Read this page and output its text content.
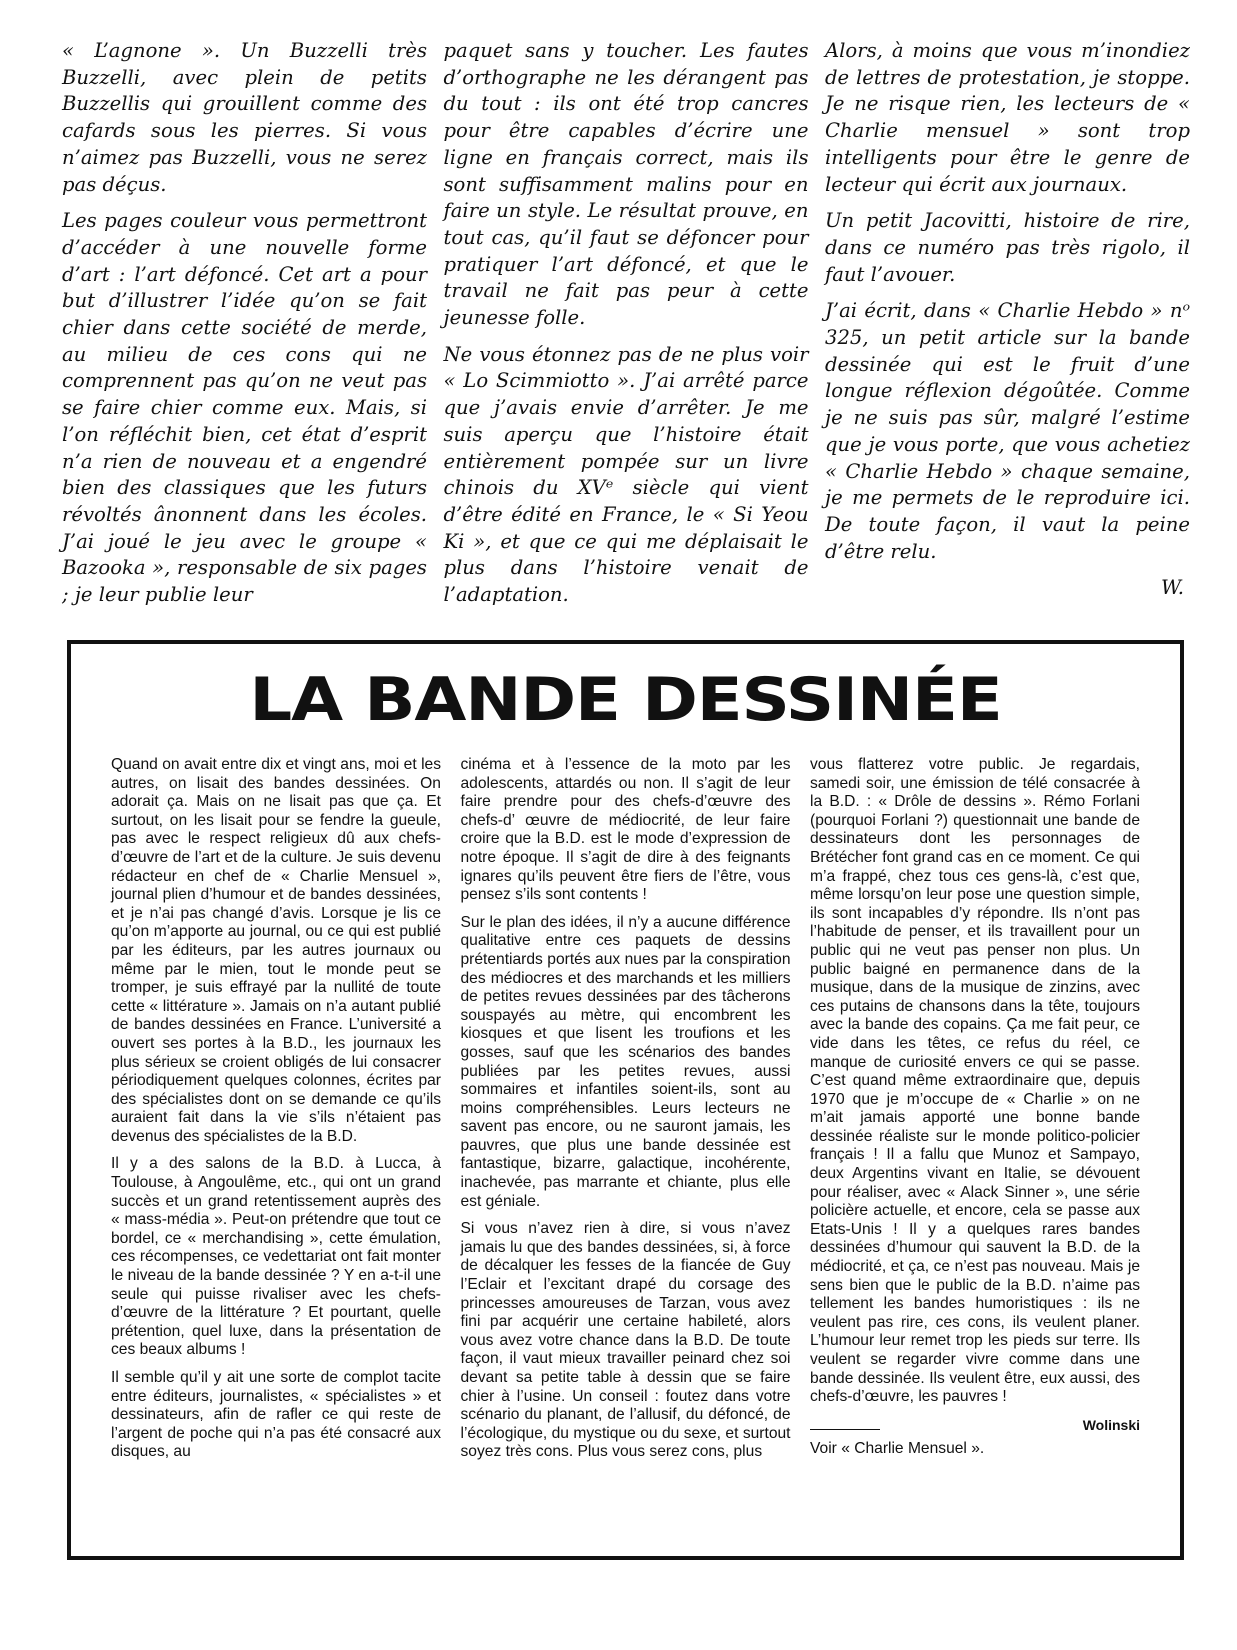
« L’agnone ». Un Buzzelli très Buzzelli, avec plein de petits Buzzellis qui grouillent comme des cafards sous les pierres. Si vous n’aimez pas Buzzelli, vous ne serez pas déçus.

Les pages couleur vous permettront d’accéder à une nouvelle forme d’art : l’art défoncé. Cet art a pour but d’illustrer l’idée qu’on se fait chier dans cette société de merde, au milieu de ces cons qui ne comprennent pas qu’on ne veut pas se faire chier comme eux. Mais, si l’on réfléchit bien, cet état d’esprit n’a rien de nouveau et a engendré bien des classiques que les futurs révoltés ânonnent dans les écoles. J’ai joué le jeu avec le groupe « Bazooka », responsable de six pages ; je leur publie leur

paquet sans y toucher. Les fautes d’orthographe ne les dérangent pas du tout : ils ont été trop cancres pour être capables d’écrire une ligne en français correct, mais ils sont suffisamment malins pour en faire un style. Le résultat prouve, en tout cas, qu’il faut se défoncer pour pratiquer l’art défoncé, et que le travail ne fait pas peur à cette jeunesse folle.

Ne vous étonnez pas de ne plus voir « Lo Scimmiotto ». J’ai arrêté parce que j’avais envie d’arrêter. Je me suis aperçu que l’histoire était entièrement pompée sur un livre chinois du XVᵉ siècle qui vient d’être édité en France, le « Si Yeou Ki », et que ce qui me déplaisait le plus dans l’histoire venait de l’adaptation.

Alors, à moins que vous m’inondiez de lettres de protestation, je stoppe. Je ne risque rien, les lecteurs de « Charlie mensuel » sont trop intelligents pour être le genre de lecteur qui écrit aux journaux.

Un petit Jacovitti, histoire de rire, dans ce numéro pas très rigolo, il faut l’avouer.

J’ai écrit, dans « Charlie Hebdo » nᵒ 325, un petit article sur la bande dessinée qui est le fruit d’une longue réflexion dégoûtée. Comme je ne suis pas sûr, malgré l’estime que je vous porte, que vous achetiez « Charlie Hebdo » chaque semaine, je me permets de le reproduire ici. De toute façon, il vaut la peine d’être relu.

W.

LA BANDE DESSINÉE

Quand on avait entre dix et vingt ans, moi et les autres, on lisait des bandes dessinées. On adorait ça. Mais on ne lisait pas que ça. Et surtout, on les lisait pour se fendre la gueule, pas avec le respect religieux dû aux chefs-d’œuvre de l’art et de la culture. Je suis devenu rédacteur en chef de « Charlie Mensuel », journal plien d’humour et de bandes dessinées, et je n’ai pas changé d’avis. Lorsque je lis ce qu’on m’apporte au journal, ou ce qui est publié par les éditeurs, par les autres journaux ou même par le mien, tout le monde peut se tromper, je suis effrayé par la nullité de toute cette « littérature ». Jamais on n’a autant publié de bandes dessinées en France. L’université a ouvert ses portes à la B.D., les journaux les plus sérieux se croient obligés de lui consacrer périodiquement quelques colonnes, écrites par des spécialistes dont on se demande ce qu’ils auraient fait dans la vie s’ils n’étaient pas devenus des spécialistes de la B.D.

Il y a des salons de la B.D. à Lucca, à Toulouse, à Angoulême, etc., qui ont un grand succès et un grand retentissement auprès des « mass-média ». Peut-on prétendre que tout ce bordel, ce « merchandising », cette émulation, ces récompenses, ce vedettariat ont fait monter le niveau de la bande dessinée ? Y en a-t-il une seule qui puisse rivaliser avec les chefs-d’œuvre de la littérature ? Et pourtant, quelle prétention, quel luxe, dans la présentation de ces beaux albums !

Il semble qu’il y ait une sorte de complot tacite entre éditeurs, journalistes, « spécialistes » et dessinateurs, afin de rafler ce qui reste de l’argent de poche qui n’a pas été consacré aux disques, au

cinéma et à l’essence de la moto par les adolescents, attardés ou non. Il s’agit de leur faire prendre pour des chefs-d’œuvre des chefs-d’ œuvre de médiocrité, de leur faire croire que la B.D. est le mode d’expression de notre époque. Il s’agit de dire à des feignants ignares qu’ils peuvent être fiers de l’être, vous pensez s’ils sont contents !

Sur le plan des idées, il n’y a aucune différence qualitative entre ces paquets de dessins prétentiards portés aux nues par la conspiration des médiocres et des marchands et les milliers de petites revues dessinées par des tâcherons souspayés au mètre, qui encombrent les kiosques et que lisent les troufions et les gosses, sauf que les scénarios des bandes publiées par les petites revues, aussi sommaires et infantiles soient-ils, sont au moins compréhensibles. Leurs lecteurs ne savent pas encore, ou ne sauront jamais, les pauvres, que plus une bande dessinée est fantastique, bizarre, galactique, incohérente, inachevée, pas marrante et chiante, plus elle est géniale.

Si vous n’avez rien à dire, si vous n’avez jamais lu que des bandes dessinées, si, à force de décalquer les fesses de la fiancée de Guy l’Eclair et l’excitant drapé du corsage des princesses amoureuses de Tarzan, vous avez fini par acquérir une certaine habileté, alors vous avez votre chance dans la B.D. De toute façon, il vaut mieux travailler peinard chez soi devant sa petite table à dessin que se faire chier à l’usine. Un conseil : foutez dans votre scénario du planant, de l’allusif, du défoncé, de l’écologique, du mystique ou du sexe, et surtout soyez très cons. Plus vous serez cons, plus

vous flatterez votre public. Je regardais, samedi soir, une émission de télé consacrée à la B.D. : « Drôle de dessins ». Rémo Forlani (pourquoi Forlani ?) questionnait une bande de dessinateurs dont les personnages de Brétécher font grand cas en ce moment. Ce qui m’a frappé, chez tous ces gens-là, c’est que, même lorsqu’on leur pose une question simple, ils sont incapables d’y répondre. Ils n’ont pas l’habitude de penser, et ils travaillent pour un public qui ne veut pas penser non plus. Un public baigné en permanence dans de la musique, dans de la musique de zinzins, avec ces putains de chansons dans la tête, toujours avec la bande des copains. Ça me fait peur, ce vide dans les têtes, ce refus du réel, ce manque de curiosité envers ce qui se passe. C’est quand même extraordinaire que, depuis 1970 que je m’occupe de « Charlie » on ne m’ait jamais apporté une bonne bande dessinée réaliste sur le monde politico-policier français ! Il a fallu que Munoz et Sampayo, deux Argentins vivant en Italie, se dévouent pour réaliser, avec « Alack Sinner », une série policière actuelle, et encore, cela se passe aux Etats-Unis ! Il y a quelques rares bandes dessinées d’humour qui sauvent la B.D. de la médiocrité, et ça, ce n’est pas nouveau. Mais je sens bien que le public de la B.D. n’aime pas tellement les bandes humoristiques : ils ne veulent pas rire, ces cons, ils veulent planer. L’humour leur remet trop les pieds sur terre. Ils veulent se regarder vivre comme dans une bande dessinée. Ils veulent être, eux aussi, des chefs-d’œuvre, les pauvres !

Wolinski
Voir « Charlie Mensuel ».
